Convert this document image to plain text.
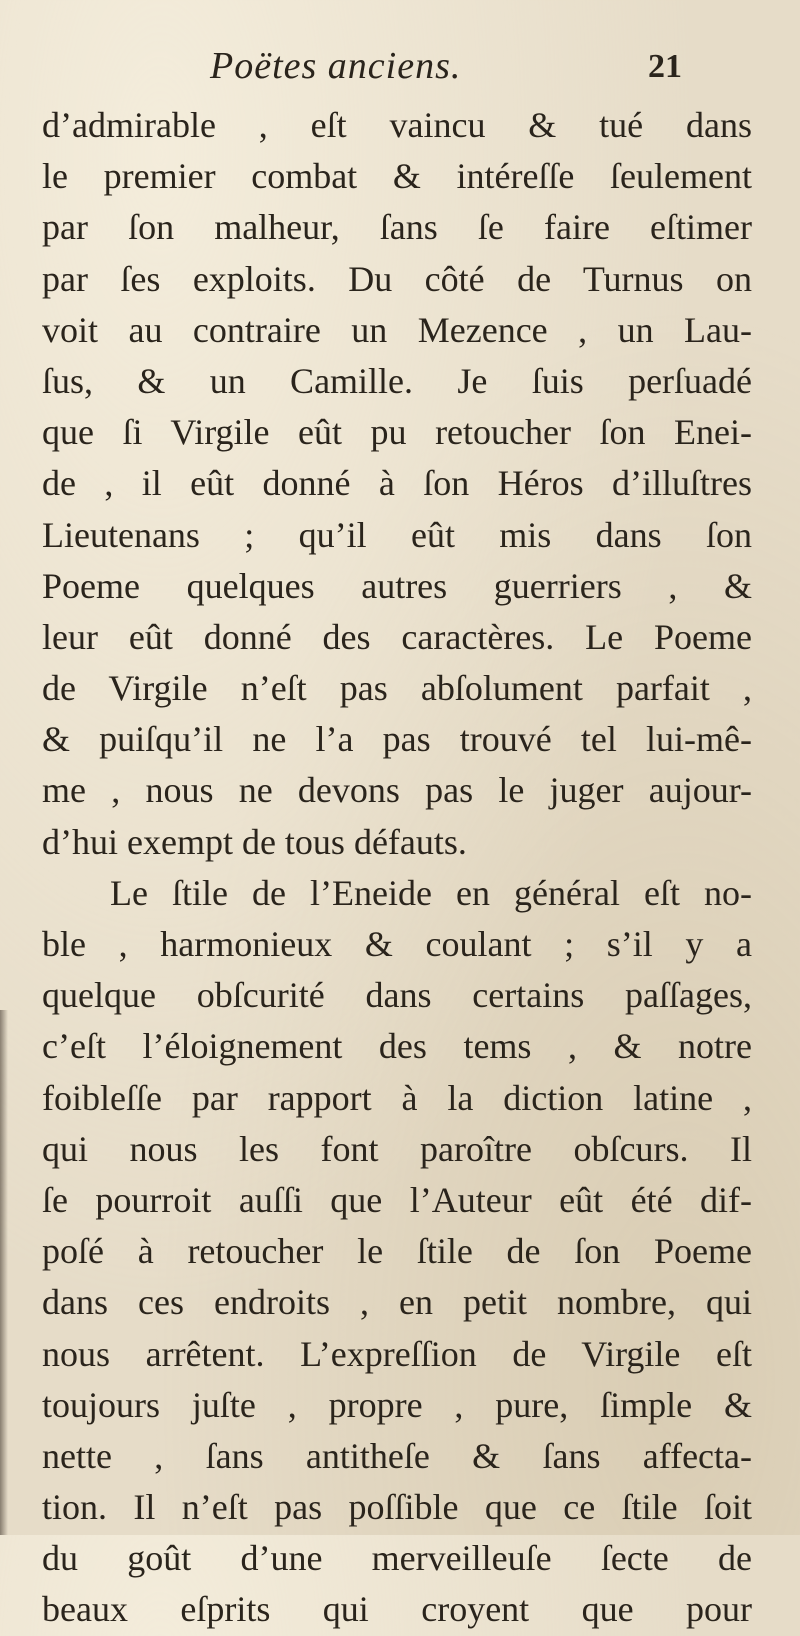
Poëtes anciens.	21
d’admirable , eſt vaincu & tué dans
le premier combat & intéreſſe ſeulement
par ſon malheur, ſans ſe faire eſtimer
par ſes exploits. Du côté de Turnus on
voit au contraire un Mezence , un Lau-
ſus, & un Camille. Je ſuis perſuadé
que ſi Virgile eût pu retoucher ſon Enei-
de , il eût donné à ſon Héros d’illuſtres
Lieutenans ; qu’il eût mis dans ſon
Poeme quelques autres guerriers , &
leur eût donné des caractères. Le Poeme
de Virgile n’eſt pas abſolument parfait ,
& puiſqu’il ne l’a pas trouvé tel lui-mê-
me , nous ne devons pas le juger aujour-
d’hui exempt de tous défauts.
Le ſtile de l’Eneide en général eſt no-
ble , harmonieux & coulant ; s’il y a
quelque obſcurité dans certains paſſages,
c’eſt l’éloignement des tems , & notre
foibleſſe par rapport à la diction latine ,
qui nous les font paroître obſcurs. Il
ſe pourroit auſſi que l’Auteur eût été dif-
poſé à retoucher le ſtile de ſon Poeme
dans ces endroits , en petit nombre, qui
nous arrêtent. L’expreſſion de Virgile eſt
toujours juſte , propre , pure, ſimple &
nette , ſans antitheſe & ſans affecta-
tion. Il n’eſt pas poſſible que ce ſtile ſoit
du goût d’une merveilleuſe ſecte de
beaux eſprits qui croyent que pour
